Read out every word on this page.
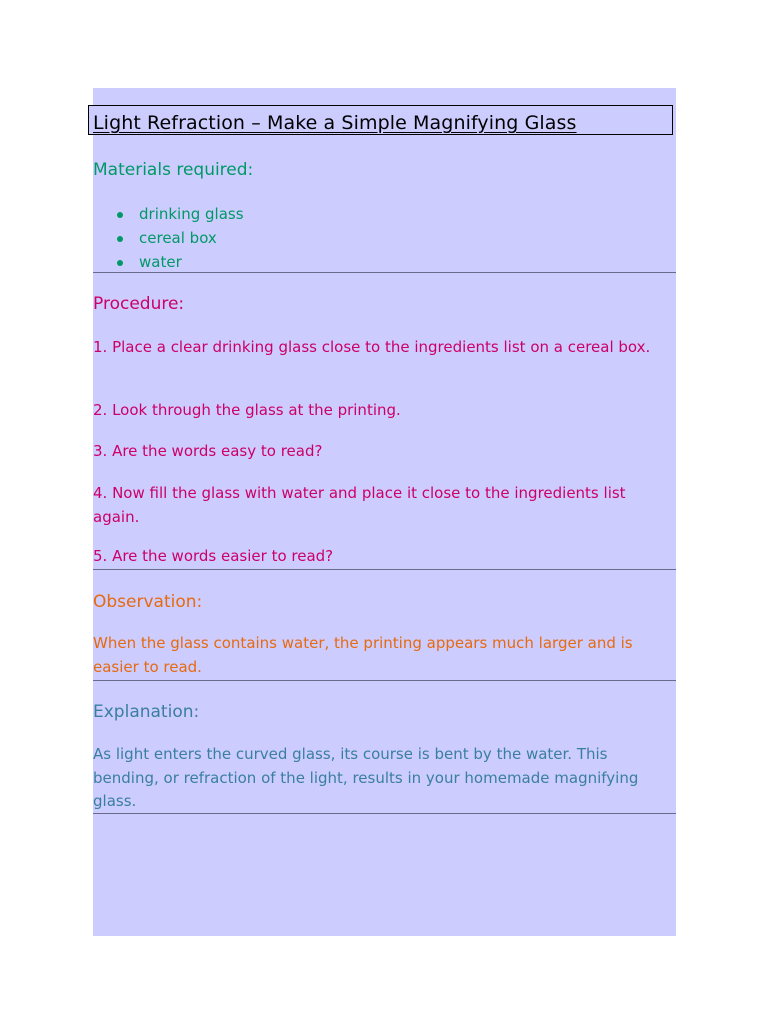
Light Refraction – Make a Simple Magnifying Glass
Materials required:
drinking glass
cereal box
water
Procedure:
1. Place a clear drinking glass close to the ingredients list on a cereal box.
2. Look through the glass at the printing.
3. Are the words easy to read?
4. Now fill the glass with water and place it close to the ingredients list again.
5. Are the words easier to read?
Observation:
When the glass contains water, the printing appears much larger and is easier to read.
Explanation:
As light enters the curved glass, its course is bent by the water. This bending, or refraction of the light, results in your homemade magnifying glass.
